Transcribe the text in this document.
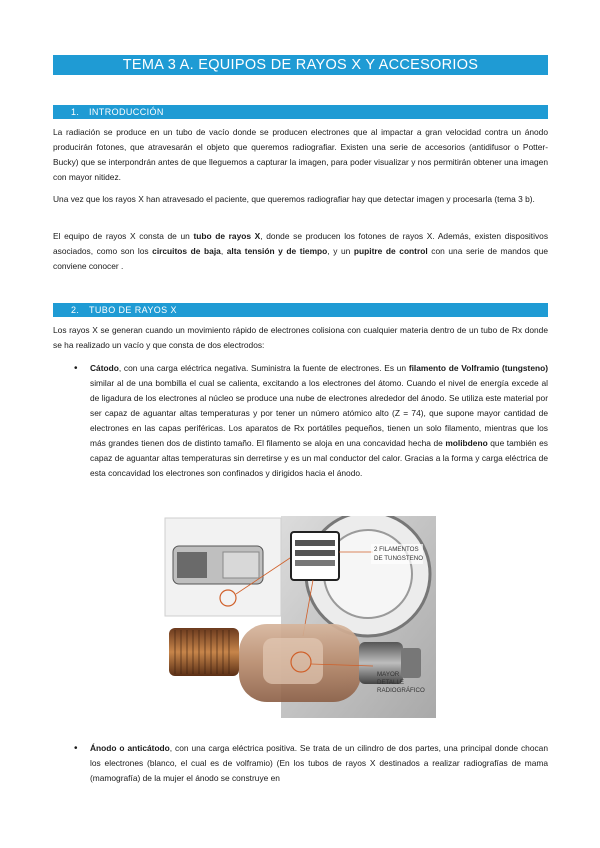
TEMA 3 A. EQUIPOS DE RAYOS X Y ACCESORIOS
1. INTRODUCCIÓN

La radiación se produce en un tubo de vacío donde se producen electrones que al impactar a gran velocidad contra un ánodo producirán fotones, que atravesarán el objeto que queremos radiografiar. Existen una serie de accesorios (antidifusor o Potter-Bucky) que se interpondrán antes de que lleguemos a capturar la imagen, para poder visualizar y nos permitirán obtener una imagen con mayor nitidez.

Una vez que los rayos X han atravesado el paciente, que queremos radiografiar hay que detectar imagen y procesarla (tema 3 b).

El equipo de rayos X consta de un tubo de rayos X, donde se producen los fotones de rayos X. Además, existen dispositivos asociados, como son los circuitos de baja, alta tensión y de tiempo, y un pupitre de control con una serie de mandos que conviene conocer .

2. TUBO DE RAYOS X

Los rayos X se generan cuando un movimiento rápido de electrones colisiona con cualquier materia dentro de un tubo de Rx donde se ha realizado un vacío y que consta de dos electrodos:

• Cátodo, con una carga eléctrica negativa. Suministra la fuente de electrones. Es un filamento de Volframio (tungsteno) similar al de una bombilla el cual se calienta, excitando a los electrones del átomo. Cuando el nivel de energía excede al de ligadura de los electrones al núcleo se produce una nube de electrones alrededor del ánodo. Se utiliza este material por ser capaz de aguantar altas temperaturas y por tener un número atómico alto (Z = 74), que supone mayor cantidad de electrones en las capas periféricas. Los aparatos de Rx portátiles pequeños, tienen un solo filamento, mientras que los más grandes tienen dos de distinto tamaño. El filamento se aloja en una concavidad hecha de molibdeno que también es capaz de aguantar altas temperaturas sin derretirse y es un mal conductor del calor. Gracias a la forma y carga eléctrica de esta concavidad los electrones son confinados y dirigidos hacia el ánodo.

2 FILAMENTOS
DE TUNGSTENO
MAYOR
DETALLE
RADIOGRÁFICO
• Ánodo o anticátodo, con una carga eléctrica positiva. Se trata de un cilindro de dos partes, una principal donde chocan los electrones (blanco, el cual es de volframio) (En los tubos de rayos X destinados a realizar radiografías de mama (mamografía) de la mujer el ánodo se construye en
